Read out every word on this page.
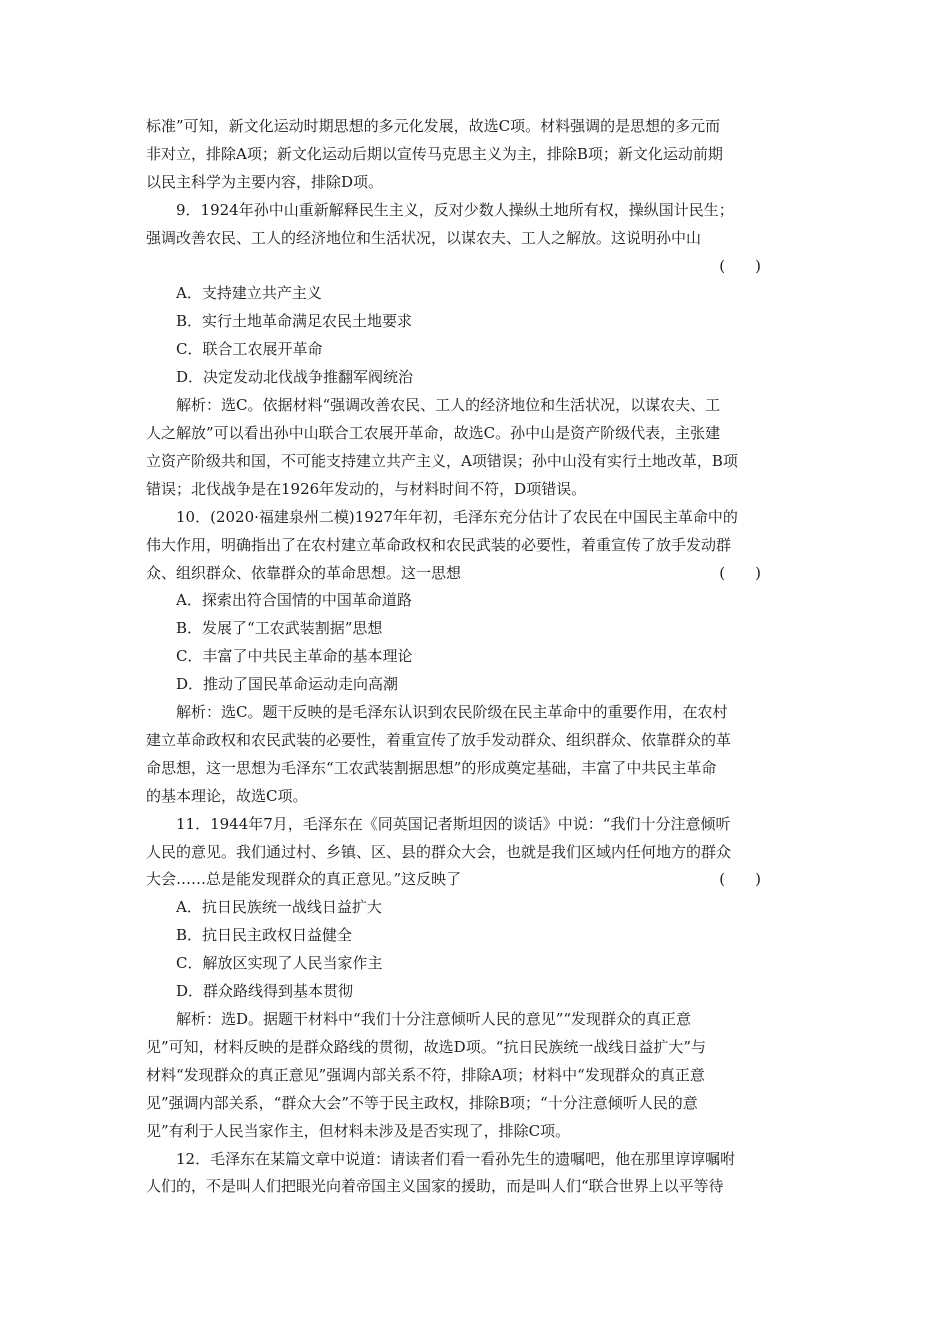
标准”可知，新文化运动时期思想的多元化发展，故选C项。材料强调的是思想的多元而

非对立，排除A项；新文化运动后期以宣传马克思主义为主，排除B项；新文化运动前期

以民主科学为主要内容，排除D项。

9．1924年孙中山重新解释民生主义，反对少数人操纵土地所有权，操纵国计民生；

强调改善农民、工人的经济地位和生活状况，以谋农夫、工人之解放。这说明孙中山

(　　)

A．支持建立共产主义

B．实行土地革命满足农民土地要求

C．联合工农展开革命

D．决定发动北伐战争推翻军阀统治

解析：选C。依据材料“强调改善农民、工人的经济地位和生活状况，以谋农夫、工

人之解放”可以看出孙中山联合工农展开革命，故选C。孙中山是资产阶级代表，主张建

立资产阶级共和国，不可能支持建立共产主义，A项错误；孙中山没有实行土地改革，B项

错误；北伐战争是在1926年发动的，与材料时间不符，D项错误。

10．(2020·福建泉州二模)1927年年初，毛泽东充分估计了农民在中国民主革命中的

伟大作用，明确指出了在农村建立革命政权和农民武装的必要性，着重宣传了放手发动群

众、组织群众、依靠群众的革命思想。这一思想	(　　)

A．探索出符合国情的中国革命道路

B．发展了“工农武装割据”思想

C．丰富了中共民主革命的基本理论

D．推动了国民革命运动走向高潮

解析：选C。题干反映的是毛泽东认识到农民阶级在民主革命中的重要作用，在农村

建立革命政权和农民武装的必要性，着重宣传了放手发动群众、组织群众、依靠群众的革

命思想，这一思想为毛泽东“工农武装割据思想”的形成奠定基础，丰富了中共民主革命

的基本理论，故选C项。

11．1944年7月，毛泽东在《同英国记者斯坦因的谈话》中说：“我们十分注意倾听

人民的意见。我们通过村、乡镇、区、县的群众大会，也就是我们区域内任何地方的群众

大会……总是能发现群众的真正意见。”这反映了	(　　)

A．抗日民族统一战线日益扩大

B．抗日民主政权日益健全

C．解放区实现了人民当家作主

D．群众路线得到基本贯彻

解析：选D。据题干材料中“我们十分注意倾听人民的意见”“发现群众的真正意

见”可知，材料反映的是群众路线的贯彻，故选D项。“抗日民族统一战线日益扩大”与

材料“发现群众的真正意见”强调内部关系不符，排除A项；材料中“发现群众的真正意

见”强调内部关系，“群众大会”不等于民主政权，排除B项；“十分注意倾听人民的意

见”有利于人民当家作主，但材料未涉及是否实现了，排除C项。

12．毛泽东在某篇文章中说道：请读者们看一看孙先生的遗嘱吧，他在那里谆谆嘱咐

人们的，不是叫人们把眼光向着帝国主义国家的援助，而是叫人们“联合世界上以平等待
